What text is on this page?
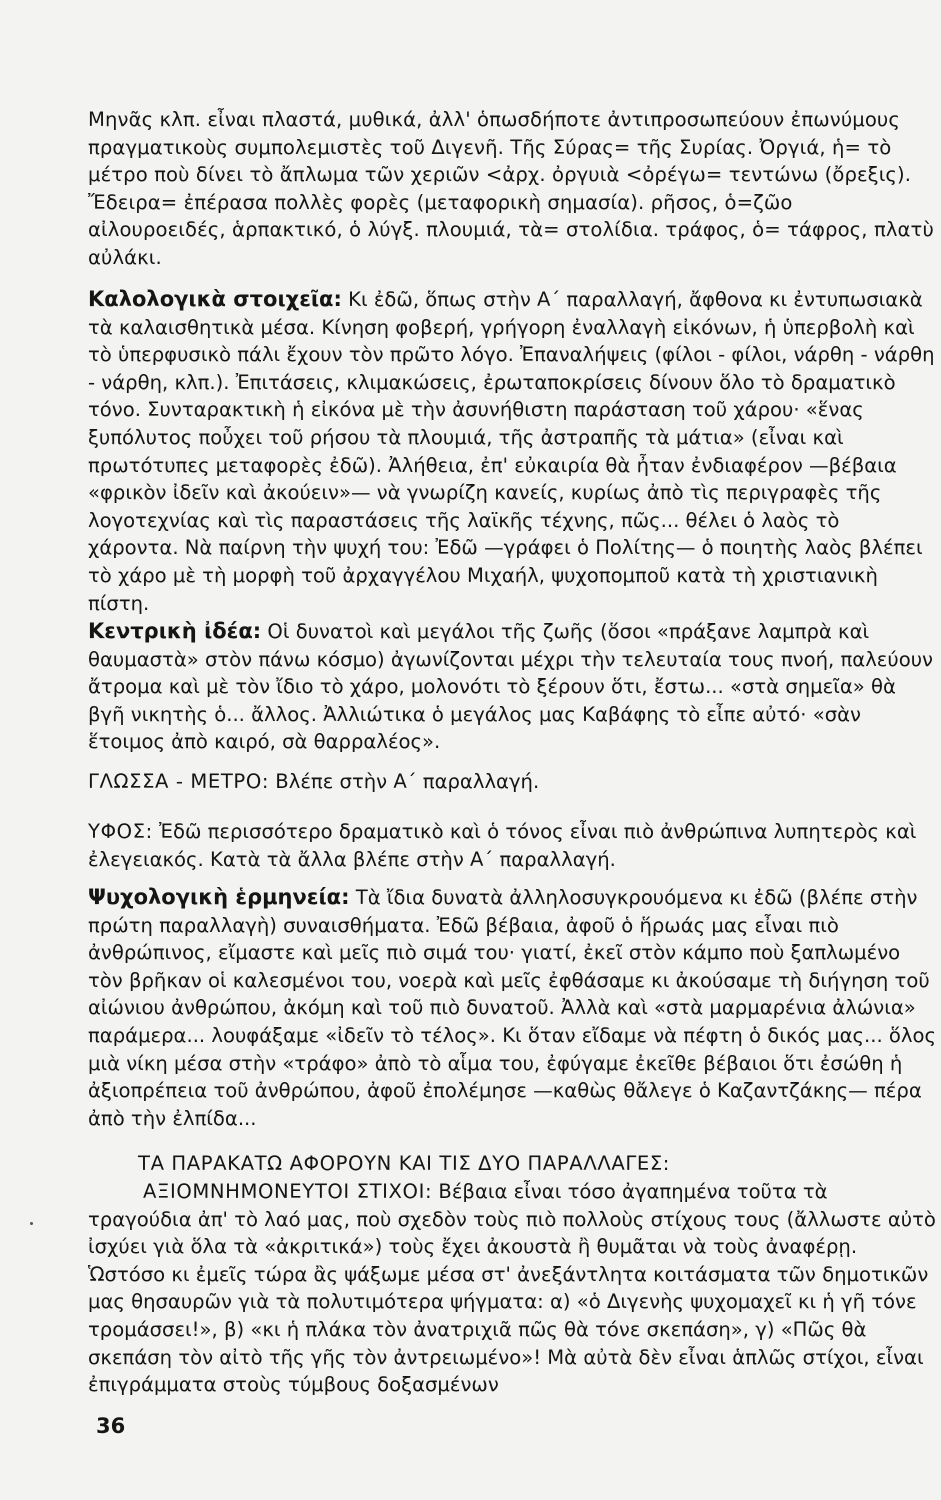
Μηνᾶς κλπ. εἶναι πλαστά, μυθικά, ἀλλ' ὁπωσδήποτε ἀντιπροσωπεύουν ἐπωνύμους πραγματικοὺς συμπολεμιστὲς τοῦ Διγενῆ. Τῆς Σύρας= τῆς Συρίας. Ὀργιά, ἡ= τὸ μέτρο ποὺ δίνει τὸ ἄπλωμα τῶν χεριῶν <ἀρχ. ὀργυιὰ <ὀρέγω= τεντώνω (ὄρεξις). Ἔδειρα= ἐπέρασα πολλὲς φορὲς (μεταφορικὴ σημασία). ρῆσος, ὁ=ζῶο αἰλουροειδές, ἁρπακτικό, ὁ λύγξ. πλουμιά, τὰ= στολίδια. τράφος, ὁ= τάφρος, πλατὺ αὐλάκι.
Καλολογικὰ στοιχεῖα: Κι ἐδῶ, ὅπως στὴν Α΄ παραλλαγή, ἄφθονα κι ἐντυπωσιακὰ τὰ καλαισθητικὰ μέσα. Κίνηση φοβερή, γρήγορη ἐναλλαγὴ εἰκόνων, ἡ ὑπερβολὴ καὶ τὸ ὑπερφυσικὸ πάλι ἔχουν τὸν πρῶτο λόγο. Ἐπαναλήψεις (φίλοι - φίλοι, νάρθη - νάρθη - νάρθη, κλπ.). Ἐπιτάσεις, κλιμακώσεις, ἐρωταποκρίσεις δίνουν ὅλο τὸ δραματικὸ τόνο. Συνταρακτικὴ ἡ εἰκόνα μὲ τὴν ἀσυνήθιστη παράσταση τοῦ χάρου· «ἕνας ξυπόλυτος ποὖχει τοῦ ρήσου τὰ πλουμιά, τῆς ἀστραπῆς τὰ μάτια» (εἶναι καὶ πρωτότυπες μεταφορὲς ἐδῶ). Ἀλήθεια, ἐπ' εὐκαιρία θὰ ἦταν ἐνδιαφέρον —βέβαια «φρικὸν ἰδεῖν καὶ ἀκούειν»— νὰ γνωρίζη κανείς, κυρίως ἀπὸ τὶς περιγραφὲς τῆς λογοτεχνίας καὶ τὶς παραστάσεις τῆς λαϊκῆς τέχνης, πῶς... θέλει ὁ λαὸς τὸ χάροντα. Νὰ παίρνη τὴν ψυχή του: Ἐδῶ —γράφει ὁ Πολίτης— ὁ ποιητὴς λαὸς βλέπει τὸ χάρο μὲ τὴ μορφὴ τοῦ ἀρχαγγέλου Μιχαήλ, ψυχοπομποῦ κατὰ τὴ χριστιανικὴ πίστη.
Κεντρικὴ ἰδέα: Οἱ δυνατοὶ καὶ μεγάλοι τῆς ζωῆς (ὅσοι «πράξανε λαμπρὰ καὶ θαυμαστὰ» στὸν πάνω κόσμο) ἀγωνίζονται μέχρι τὴν τελευταία τους πνοή, παλεύουν ἄτρομα καὶ μὲ τὸν ἴδιο τὸ χάρο, μολονότι τὸ ξέρουν ὅτι, ἔστω... «στὰ σημεῖα» θὰ βγῆ νικητὴς ὁ... ἄλλος. Ἀλλιώτικα ὁ μεγάλος μας Καβάφης τὸ εἶπε αὐτό· «σὰν ἕτοιμος ἀπὸ καιρό, σὰ θαρραλέος».
ΓΛΩΣΣΑ - ΜΕΤΡΟ: Βλέπε στὴν Α΄ παραλλαγή.
ΥΦΟΣ: Ἐδῶ περισσότερο δραματικὸ καὶ ὁ τόνος εἶναι πιὸ ἀνθρώπινα λυπητερὸς καὶ ἐλεγειακός. Κατὰ τὰ ἄλλα βλέπε στὴν Α΄ παραλλαγή.
Ψυχολογικὴ ἑρμηνεία: Τὰ ἴδια δυνατὰ ἀλληλοσυγκρουόμενα κι ἐδῶ (βλέπε στὴν πρώτη παραλλαγὴ) συναισθήματα. Ἐδῶ βέβαια, ἀφοῦ ὁ ἥρωάς μας εἶναι πιὸ ἀνθρώπινος, εἴμαστε καὶ μεῖς πιὸ σιμά του· γιατί, ἐκεῖ στὸν κάμπο ποὺ ξαπλωμένο τὸν βρῆκαν οἱ καλεσμένοι του, νοερὰ καὶ μεῖς ἐφθάσαμε κι ἀκούσαμε τὴ διήγηση τοῦ αἰώνιου ἀνθρώπου, ἀκόμη καὶ τοῦ πιὸ δυνατοῦ. Ἀλλὰ καὶ «στὰ μαρμαρένια ἀλώνια» παράμερα... λουφάξαμε «ἰδεῖν τὸ τέλος». Κι ὅταν εἴδαμε νὰ πέφτη ὁ δικός μας... ὅλος μιὰ νίκη μέσα στὴν «τράφο» ἀπὸ τὸ αἷμα του, ἐφύγαμε ἐκεῖθε βέβαιοι ὅτι ἐσώθη ἡ ἀξιοπρέπεια τοῦ ἀνθρώπου, ἀφοῦ ἐπολέμησε —καθὼς θἄλεγε ὁ Καζαντζάκης— πέρα ἀπὸ τὴν ἐλπίδα...
ΤΑ ΠΑΡΑΚΑΤΩ ΑΦΟΡΟΥΝ ΚΑΙ ΤΙΣ ΔΥΟ ΠΑΡΑΛΛΑΓΕΣ:
ΑΞΙΟΜΝΗΜΟΝΕΥΤΟΙ ΣΤΙΧΟΙ: Βέβαια εἶναι τόσο ἀγαπημένα τοῦτα τὰ τραγούδια ἀπ' τὸ λαό μας, ποὺ σχεδὸν τοὺς πιὸ πολλοὺς στίχους τους (ἄλλωστε αὐτὸ ἰσχύει γιὰ ὅλα τὰ «ἀκριτικά») τοὺς ἔχει ἀκουστὰ ἢ θυμᾶται νὰ τοὺς ἀναφέρῃ. Ὡστόσο κι ἐμεῖς τώρα ἂς ψάξωμε μέσα στ' ἀνεξάντλητα κοιτάσματα τῶν δημοτικῶν μας θησαυρῶν γιὰ τὰ πολυτιμότερα ψήγματα: α) «ὁ Διγενὴς ψυχομαχεῖ κι ἡ γῆ τόνε τρομάσσει!», β) «κι ἡ πλάκα τὸν ἀνατριχιᾶ πῶς θὰ τόνε σκεπάση», γ) «Πῶς θὰ σκεπάση τὸν αἰτὸ τῆς γῆς τὸν ἀντρειωμένο»! Μὰ αὐτὰ δὲν εἶναι ἁπλῶς στίχοι, εἶναι ἐπιγράμματα στοὺς τύμβους δοξασμένων
36
